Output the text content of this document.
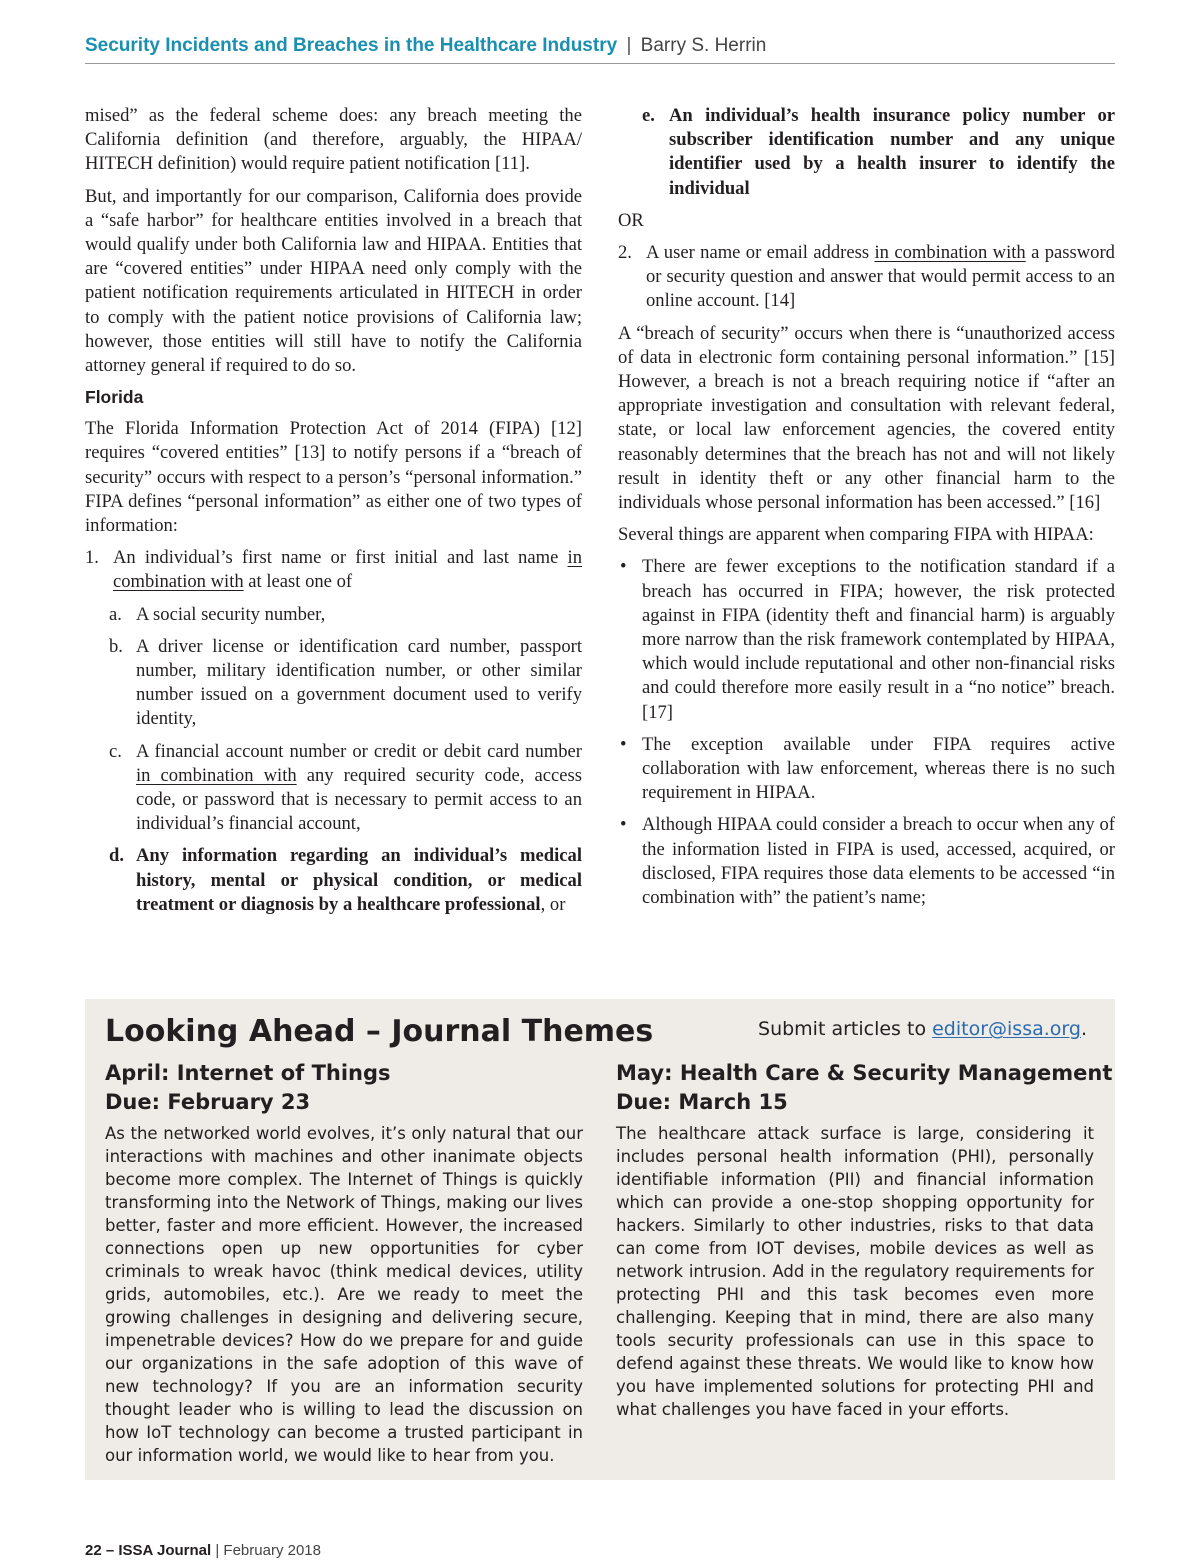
Security Incidents and Breaches in the Healthcare Industry | Barry S. Herrin

mised” as the federal scheme does: any breach meeting the California definition (and therefore, arguably, the HIPAA/ HITECH definition) would require patient notification [11].

But, and importantly for our comparison, California does provide a “safe harbor” for healthcare entities involved in a breach that would qualify under both California law and HIPAA. Entities that are “covered entities” under HIPAA need only comply with the patient notification requirements articulated in HITECH in order to comply with the patient notice provisions of California law; however, those entities will still have to notify the California attorney general if required to do so.

Florida

The Florida Information Protection Act of 2014 (FIPA) [12] requires “covered entities” [13] to notify persons if a “breach of security” occurs with respect to a person’s “personal information.” FIPA defines “personal information” as either one of two types of information:

1. An individual’s first name or first initial and last name in combination with at least one of
a. A social security number,
b. A driver license or identification card number, passport number, military identification number, or other similar number issued on a government document used to verify identity,
c. A financial account number or credit or debit card number in combination with any required security code, access code, or password that is necessary to permit access to an individual’s financial account,
d. Any information regarding an individual’s medical history, mental or physical condition, or medical treatment or diagnosis by a healthcare professional, or
e. An individual’s health insurance policy number or subscriber identification number and any unique identifier used by a health insurer to identify the individual
OR
2. A user name or email address in combination with a password or security question and answer that would permit access to an online account. [14]

A “breach of security” occurs when there is “unauthorized access of data in electronic form containing personal information.” [15] However, a breach is not a breach requiring notice if “after an appropriate investigation and consultation with relevant federal, state, or local law enforcement agencies, the covered entity reasonably determines that the breach has not and will not likely result in identity theft or any other financial harm to the individuals whose personal information has been accessed.” [16]

Several things are apparent when comparing FIPA with HIPAA:

• There are fewer exceptions to the notification standard if a breach has occurred in FIPA; however, the risk protected against in FIPA (identity theft and financial harm) is arguably more narrow than the risk framework contemplated by HIPAA, which would include reputational and other non-financial risks and could therefore more easily result in a “no notice” breach. [17]
• The exception available under FIPA requires active collaboration with law enforcement, whereas there is no such requirement in HIPAA.
• Although HIPAA could consider a breach to occur when any of the information listed in FIPA is used, accessed, acquired, or disclosed, FIPA requires those data elements to be accessed “in combination with” the patient’s name;
Looking Ahead – Journal Themes	Submit articles to editor@issa.org.
April: Internet of Things
Due: February 23
As the networked world evolves, it’s only natural that our interactions with machines and other inanimate objects become more complex. The Internet of Things is quickly transforming into the Network of Things, making our lives better, faster and more efficient. However, the increased connections open up new opportunities for cyber criminals to wreak havoc (think medical devices, utility grids, automobiles, etc.). Are we ready to meet the growing challenges in designing and delivering secure, impenetrable devices? How do we prepare for and guide our organizations in the safe adoption of this wave of new technology? If you are an information security thought leader who is willing to lead the discussion on how IoT technology can become a trusted participant in our information world, we would like to hear from you.
May: Health Care & Security Management
Due: March 15
The healthcare attack surface is large, considering it includes personal health information (PHI), personally identifiable information (PII) and financial information which can provide a one-stop shopping opportunity for hackers. Similarly to other industries, risks to that data can come from IOT devises, mobile devices as well as network intrusion. Add in the regulatory requirements for protecting PHI and this task becomes even more challenging. Keeping that in mind, there are also many tools security professionals can use in this space to defend against these threats. We would like to know how you have implemented solutions for protecting PHI and what challenges you have faced in your efforts.
22 – ISSA Journal | February 2018
